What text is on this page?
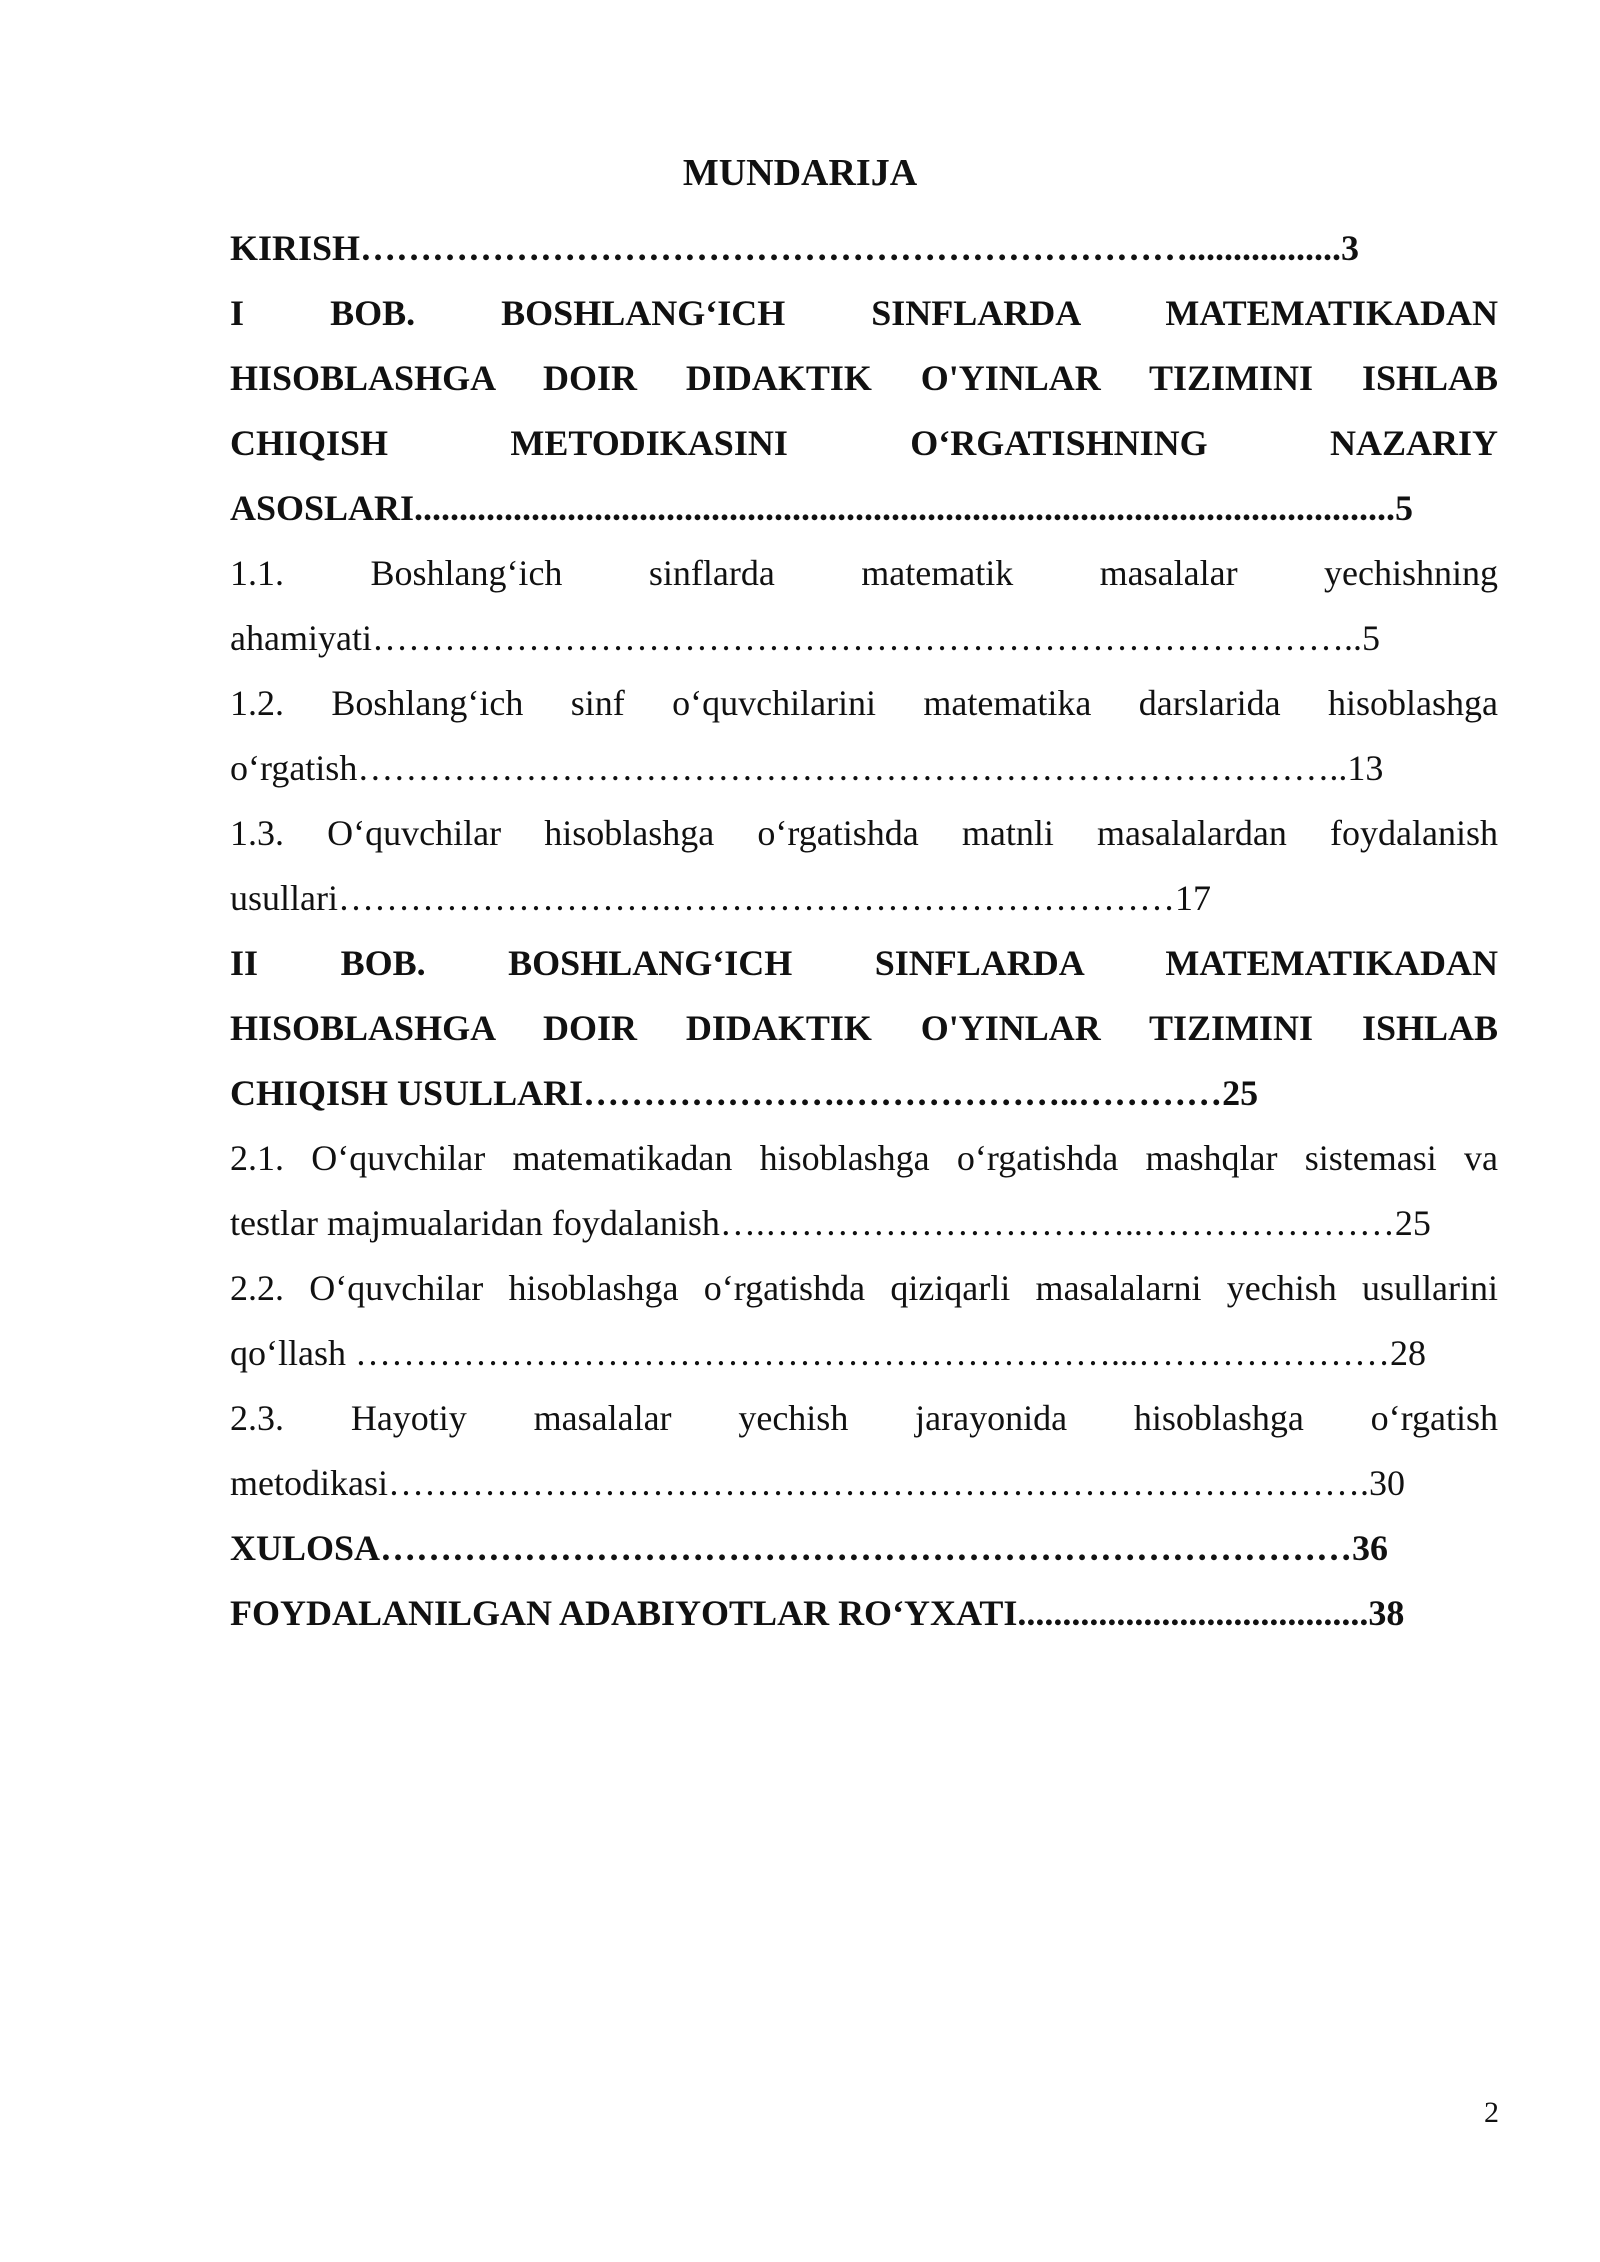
MUNDARIJA
KIRISH…………………………………………………………….................3
I BOB. BOSHLANG‘ICH SINFLARDA MATEMATIKADAN
HISOBLASHGA DOIR DIDAKTIK O'YINLAR TIZIMINI ISHLAB
CHIQISH METODIKASINI O‘RGATISHNING NAZARIY
ASOSLARI.............................................................................................................5
1.1. Boshlang‘ich sinflarda matematik masalalar yechishning
ahamiyati………………………………………………………………………..5
1.2. Boshlang‘ich sinf o‘quvchilarini matematika darslarida hisoblashga
o‘rgatish………………………………………………………………………..13
1.3. O‘quvchilar hisoblashga o‘rgatishda matnli masalalardan foydalanish
usullari……………………….……………………………………17
II BOB. BOSHLANG‘ICH SINFLARDA MATEMATIKADAN
HISOBLASHGA DOIR DIDAKTIK O'YINLAR TIZIMINI ISHLAB
CHIQISH USULLARI………………….………………..…………25
2.1. O‘quvchilar matematikadan hisoblashga o‘rgatishda mashqlar sistemasi va
testlar majmualaridan foydalanish….…………………………..…………………25
2.2. O‘quvchilar hisoblashga o‘rgatishda qiziqarli masalalarni yechish usullarini
qo‘llash ………………………………………………………...…………………28
2.3. Hayotiy masalalar yechish jarayonida hisoblashga o‘rgatish
metodikasi……………………………………………………………………….30
XULOSA………………………………………………………………………36
FOYDALANILGAN ADABIYOTLAR RO‘YXATI.......................................38
2
